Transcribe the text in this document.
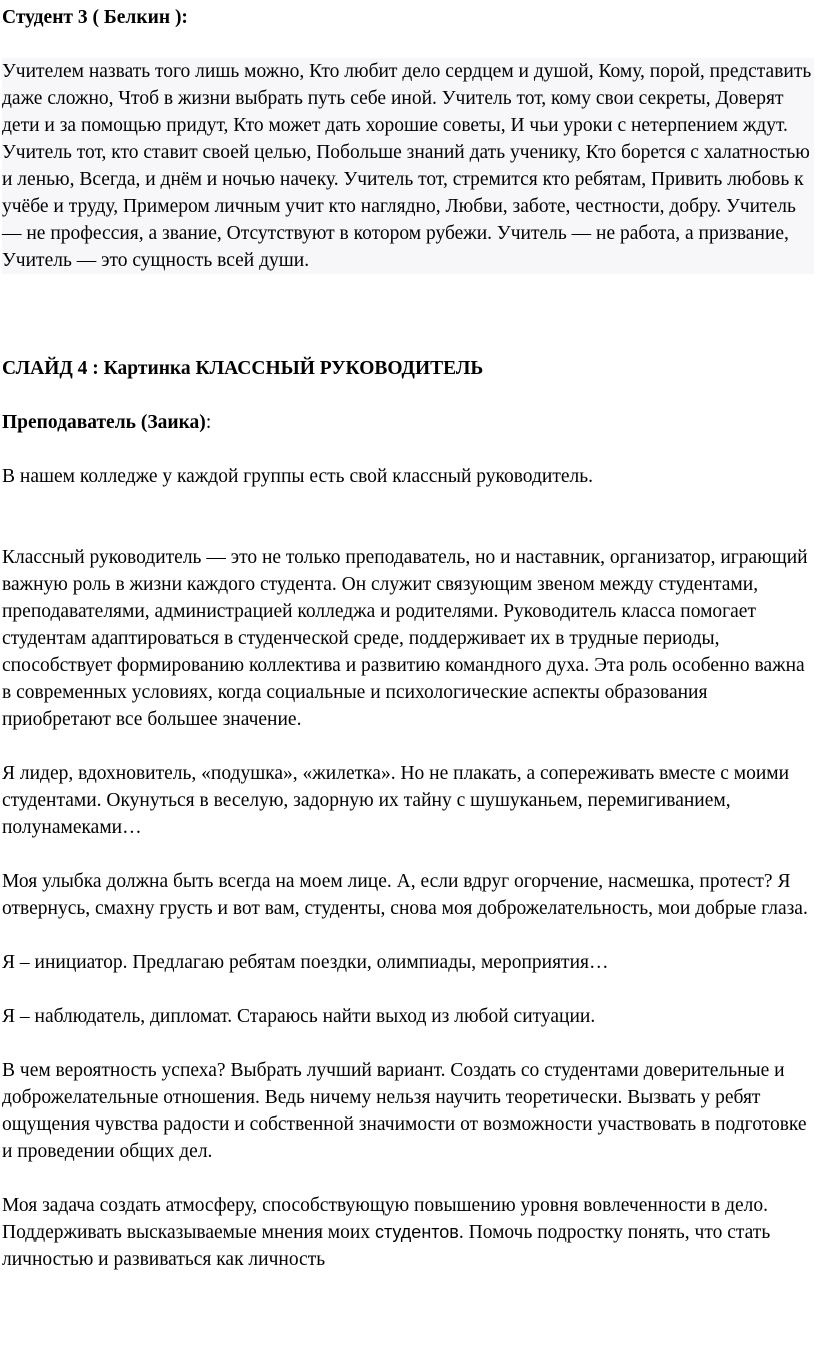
Студент 3 ( Белкин ):

Учителем назвать того лишь можно, Кто любит дело сердцем и душой, Кому, порой, представить даже сложно, Чтоб в жизни выбрать путь себе иной. Учитель тот, кому свои секреты, Доверят дети и за помощью придут, Кто может дать хорошие советы, И чьи уроки с нетерпением ждут. Учитель тот, кто ставит своей целью, Побольше знаний дать ученику, Кто борется с халатностью и ленью, Всегда, и днём и ночью начеку. Учитель тот, стремится кто ребятам, Привить любовь к учёбе и труду, Примером личным учит кто наглядно, Любви, заботе, честности, добру. Учитель — не профессия, а звание, Отсутствуют в котором рубежи. Учитель — не работа, а призвание, Учитель — это сущность всей души.

СЛАЙД 4 : Картинка КЛАССНЫЙ РУКОВОДИТЕЛЬ

Преподаватель (Заика):

В нашем колледже у каждой группы есть свой классный руководитель.

Классный руководитель — это не только преподаватель, но и наставник, организатор, играющий важную роль в жизни каждого студента. Он служит связующим звеном между студентами, преподавателями, администрацией колледжа и родителями. Руководитель класса помогает студентам адаптироваться в студенческой среде, поддерживает их в трудные периоды, способствует формированию коллектива и развитию командного духа. Эта роль особенно важна в современных условиях, когда социальные и психологические аспекты образования приобретают все большее значение.

Я лидер, вдохновитель, «подушка», «жилетка». Но не плакать, а сопереживать вместе с моими студентами. Окунуться в веселую, задорную их тайну с шушуканьем, перемигиванием, полунамеками…

Моя улыбка должна быть всегда на моем лице. А, если вдруг огорчение, насмешка, протест? Я отвернусь, смахну грусть и вот вам, студенты, снова моя доброжелательность, мои добрые глаза.

Я – инициатор. Предлагаю ребятам поездки, олимпиады, мероприятия…

Я – наблюдатель, дипломат. Стараюсь найти выход из любой ситуации.

В чем вероятность успеха? Выбрать лучший вариант. Создать со студентами доверительные и доброжелательные отношения. Ведь ничему нельзя научить теоретически. Вызвать у ребят ощущения чувства радости и собственной значимости от возможности участвовать в подготовке и проведении общих дел.

Моя задача создать атмосферу, способствующую повышению уровня вовлеченности в дело. Поддерживать высказываемые мнения моих студентов. Помочь подростку понять, что стать личностью и развиваться как личность
